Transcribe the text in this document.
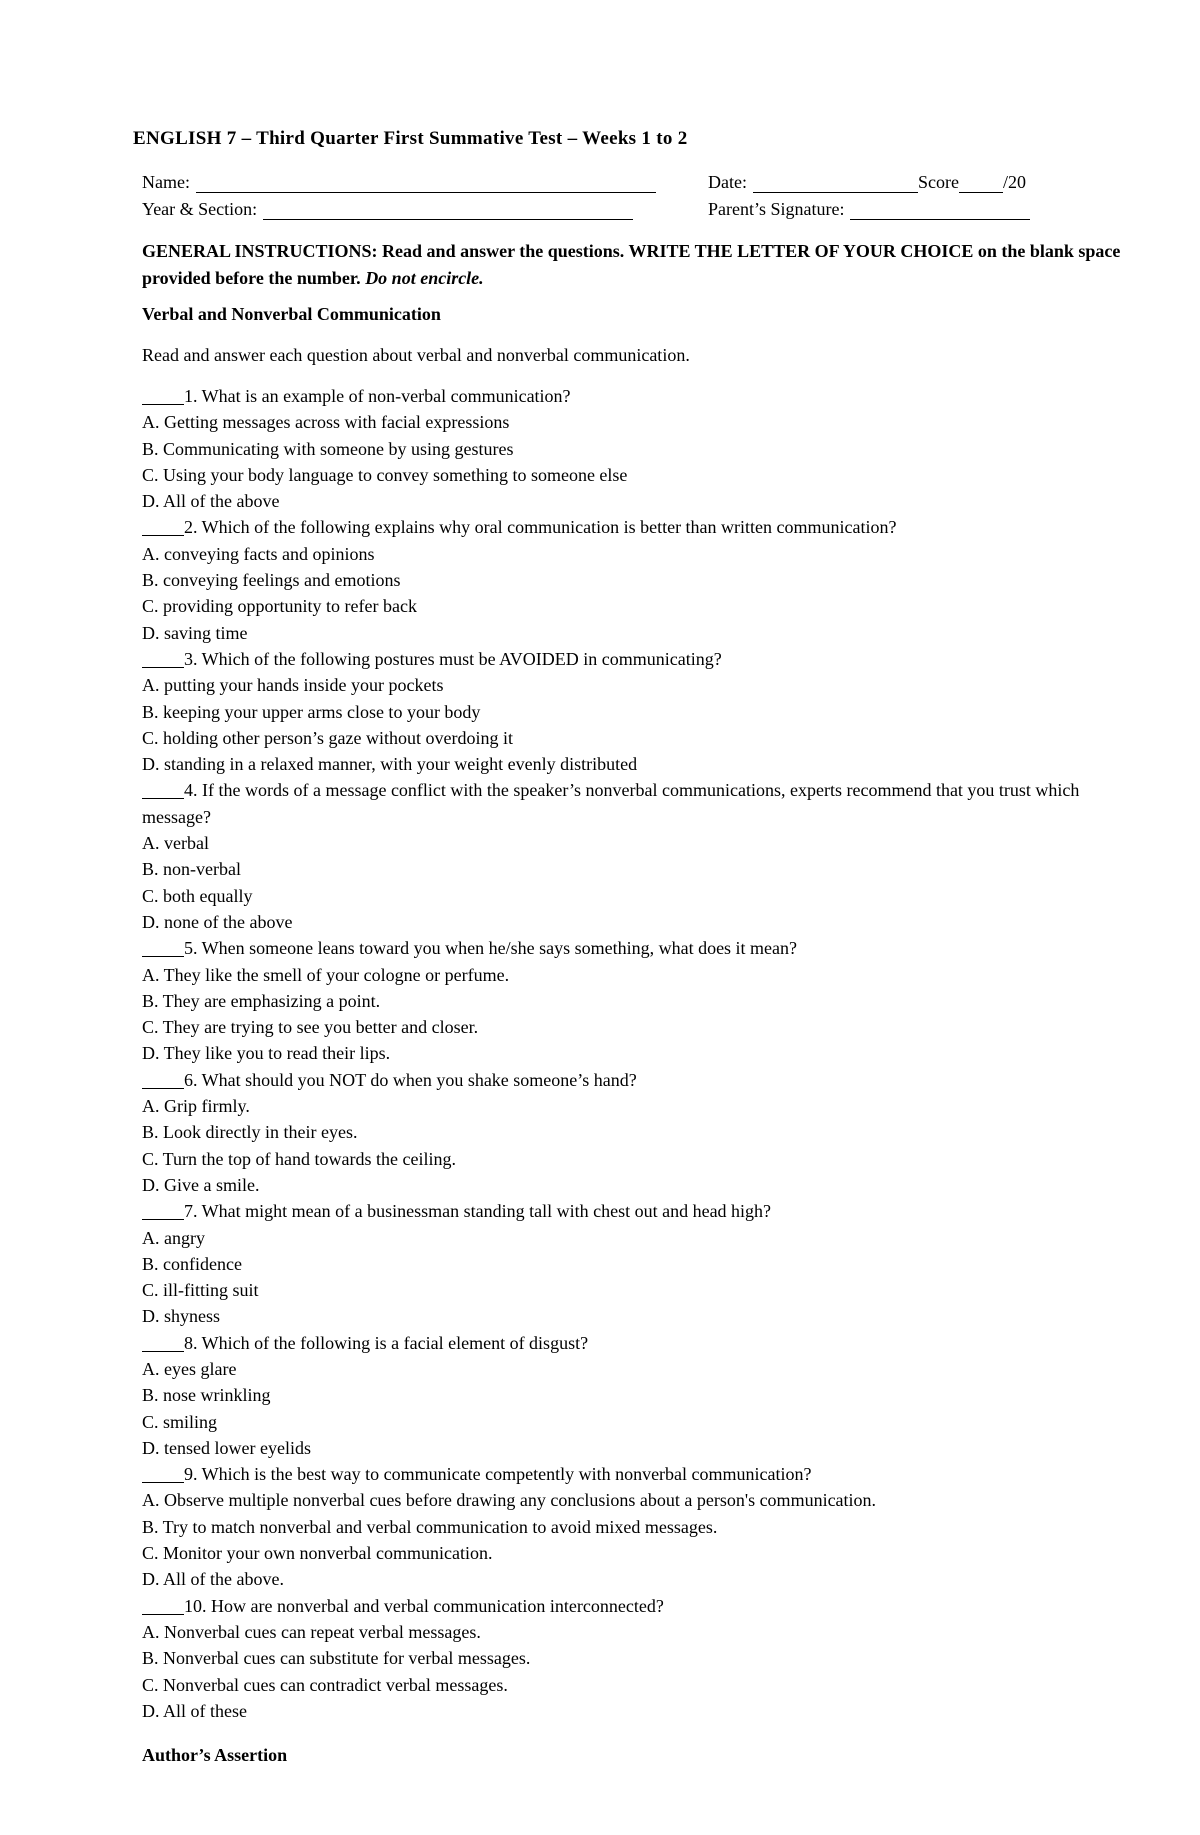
ENGLISH 7 – Third Quarter First Summative Test – Weeks 1 to 2
Name:	Date:	Score /20
Year & Section:	Parent’s Signature:
GENERAL INSTRUCTIONS: Read and answer the questions. WRITE THE LETTER OF YOUR CHOICE on the blank space provided before the number. Do not encircle.
Verbal and Nonverbal Communication
Read and answer each question about verbal and nonverbal communication.
1. What is an example of non-verbal communication?
A. Getting messages across with facial expressions
B. Communicating with someone by using gestures
C. Using your body language to convey something to someone else
D. All of the above
2. Which of the following explains why oral communication is better than written communication?
A. conveying facts and opinions
B. conveying feelings and emotions
C. providing opportunity to refer back
D. saving time
3. Which of the following postures must be AVOIDED in communicating?
A. putting your hands inside your pockets
B. keeping your upper arms close to your body
C. holding other person’s gaze without overdoing it
D. standing in a relaxed manner, with your weight evenly distributed
4. If the words of a message conflict with the speaker’s nonverbal communications, experts recommend that you trust which message?
A. verbal
B. non-verbal
C. both equally
D. none of the above
5. When someone leans toward you when he/she says something, what does it mean?
A. They like the smell of your cologne or perfume.
B. They are emphasizing a point.
C. They are trying to see you better and closer.
D. They like you to read their lips.
6. What should you NOT do when you shake someone’s hand?
A. Grip firmly.
B. Look directly in their eyes.
C. Turn the top of hand towards the ceiling.
D. Give a smile.
7. What might mean of a businessman standing tall with chest out and head high?
A. angry
B. confidence
C. ill-fitting suit
D. shyness
8. Which of the following is a facial element of disgust?
A. eyes glare
B. nose wrinkling
C. smiling
D. tensed lower eyelids
9. Which is the best way to communicate competently with nonverbal communication?
A. Observe multiple nonverbal cues before drawing any conclusions about a person's communication.
B. Try to match nonverbal and verbal communication to avoid mixed messages.
C. Monitor your own nonverbal communication.
D. All of the above.
10. How are nonverbal and verbal communication interconnected?
A. Nonverbal cues can repeat verbal messages.
B. Nonverbal cues can substitute for verbal messages.
C. Nonverbal cues can contradict verbal messages.
D. All of these
Author’s Assertion
